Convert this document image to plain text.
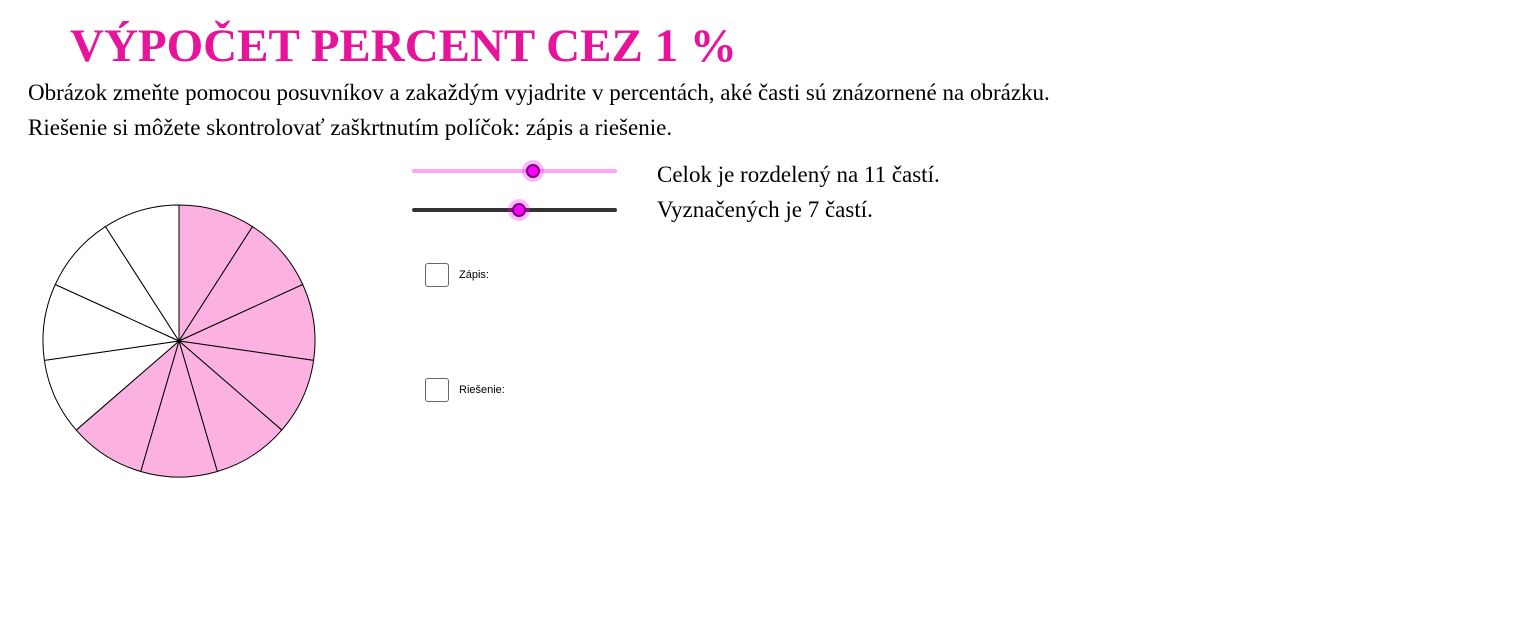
VÝPOČET PERCENT CEZ 1 %
Obrázok zmeňte pomocou posuvníkov a zakaždým vyjadrite v percentách, aké časti sú znázornené na obrázku.
Riešenie si môžete skontrolovať zaškrtnutím políčok: zápis a riešenie.
Celok je rozdelený na 11 častí.
Vyznačených je 7 častí.
Zápis:
Riešenie:
